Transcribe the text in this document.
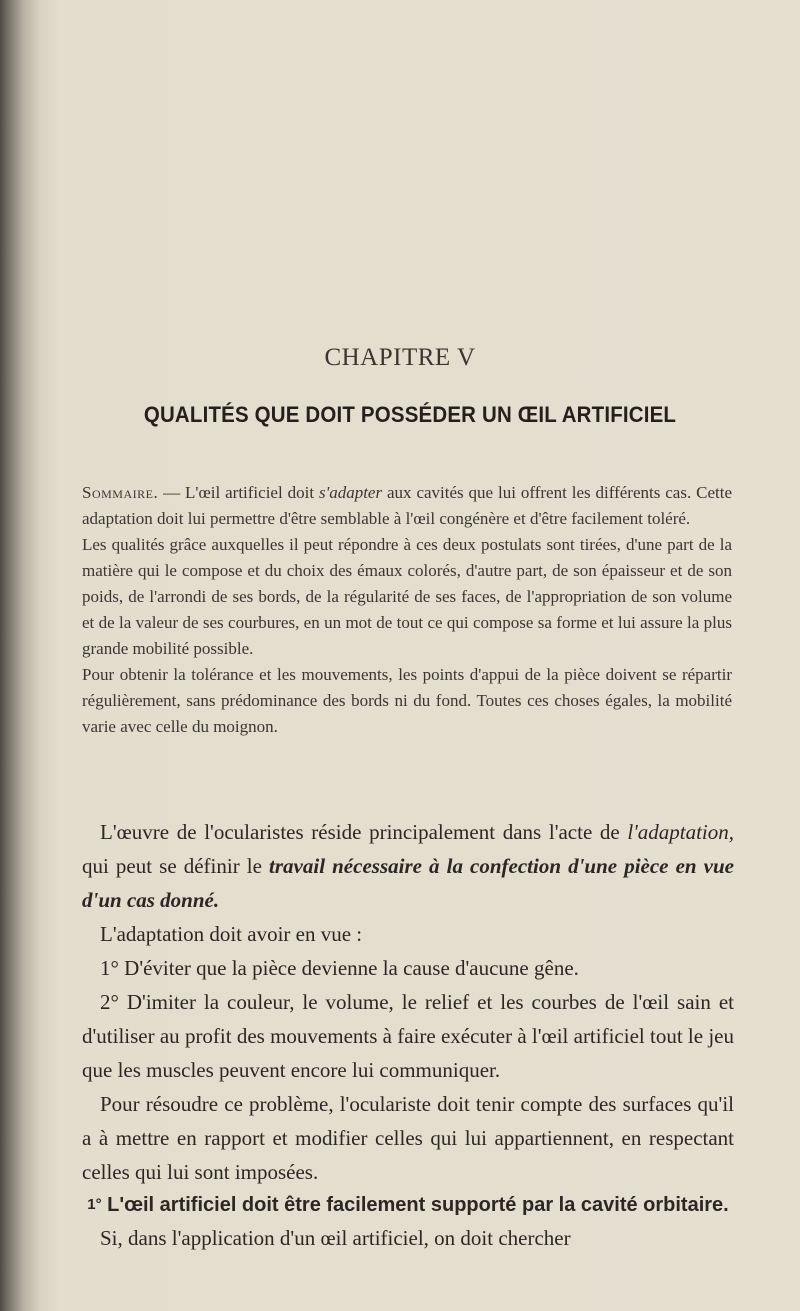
CHAPITRE V
QUALITÉS QUE DOIT POSSÉDER UN ŒIL ARTIFICIEL

Sommaire. — L'œil artificiel doit s'adapter aux cavités que lui offrent les différents cas. Cette adaptation doit lui permettre d'être semblable à l'œil congénère et d'être facilement toléré.

Les qualités grâce auxquelles il peut répondre à ces deux postulats sont tirées, d'une part de la matière qui le compose et du choix des émaux colorés, d'autre part, de son épaisseur et de son poids, de l'arrondi de ses bords, de la régularité de ses faces, de l'appropriation de son volume et de la valeur de ses courbures, en un mot de tout ce qui compose sa forme et lui assure la plus grande mobilité possible.

Pour obtenir la tolérance et les mouvements, les points d'appui de la pièce doivent se répartir régulièrement, sans prédominance des bords ni du fond. Toutes ces choses égales, la mobilité varie avec celle du moignon.

L'œuvre de l'ocularistes réside principalement dans l'acte de l'adaptation, qui peut se définir le travail nécessaire à la confection d'une pièce en vue d'un cas donné.

L'adaptation doit avoir en vue :

1° D'éviter que la pièce devienne la cause d'aucune gêne.

2° D'imiter la couleur, le volume, le relief et les courbes de l'œil sain et d'utiliser au profit des mouvements à faire exécuter à l'œil artificiel tout le jeu que les muscles peuvent encore lui communiquer.

Pour résoudre ce problème, l'oculariste doit tenir compte des surfaces qu'il a à mettre en rapport et modifier celles qui lui appartiennent, en respectant celles qui lui sont imposées.

$^{1^\circ}$ L'œil artificiel doit être facilement supporté par la cavité orbitaire.

Si, dans l'application d'un œil artificiel, on doit chercher
